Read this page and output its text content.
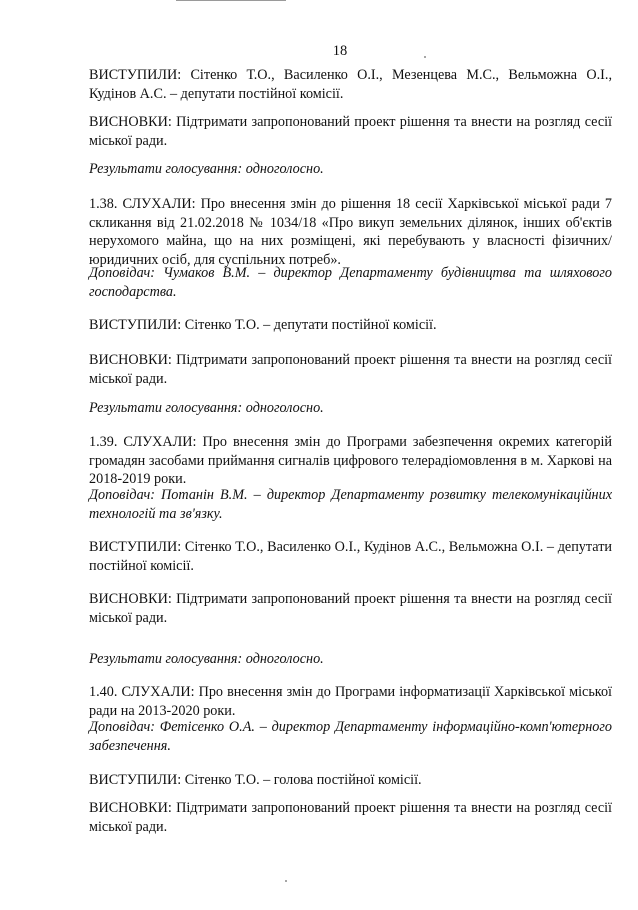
18

ВИСТУПИЛИ: Сітенко Т.О., Василенко О.І., Мезенцева М.С., Вельможна О.І., Кудінов А.С. – депутати постійної комісії.

ВИСНОВКИ: Підтримати запропонований проект рішення та внести на розгляд сесії міської ради.

Результати голосування: одноголосно.

1.38. СЛУХАЛИ: Про внесення змін до рішення 18 сесії Харківської міської ради 7 скликання від 21.02.2018 № 1034/18 «Про викуп земельних ділянок, інших об'єктів нерухомого майна, що на них розміщені, які перебувають у власності фізичних/юридичних осіб, для суспільних потреб».

Доповідач: Чумаков В.М. – директор Департаменту будівництва та шляхового господарства.

ВИСТУПИЛИ: Сітенко Т.О. – депутати постійної комісії.

ВИСНОВКИ: Підтримати запропонований проект рішення та внести на розгляд сесії міської ради.

Результати голосування: одноголосно.

1.39. СЛУХАЛИ: Про внесення змін до Програми забезпечення окремих категорій громадян засобами приймання сигналів цифрового телерадіомовлення в м. Харкові на 2018-2019 роки.

Доповідач: Потанін В.М. – директор Департаменту розвитку телекомунікаційних технологій та зв'язку.

ВИСТУПИЛИ: Сітенко Т.О., Василенко О.І., Кудінов А.С., Вельможна О.І. – депутати постійної комісії.

ВИСНОВКИ: Підтримати запропонований проект рішення та внести на розгляд сесії міської ради.

Результати голосування: одноголосно.

1.40. СЛУХАЛИ: Про внесення змін до Програми інформатизації Харківської міської ради на 2013-2020 роки.

Доповідач: Фетісенко О.А. – директор Департаменту інформаційно-комп'ютерного забезпечення.

ВИСТУПИЛИ: Сітенко Т.О. – голова постійної комісії.

ВИСНОВКИ: Підтримати запропонований проект рішення та внести на розгляд сесії міської ради.
